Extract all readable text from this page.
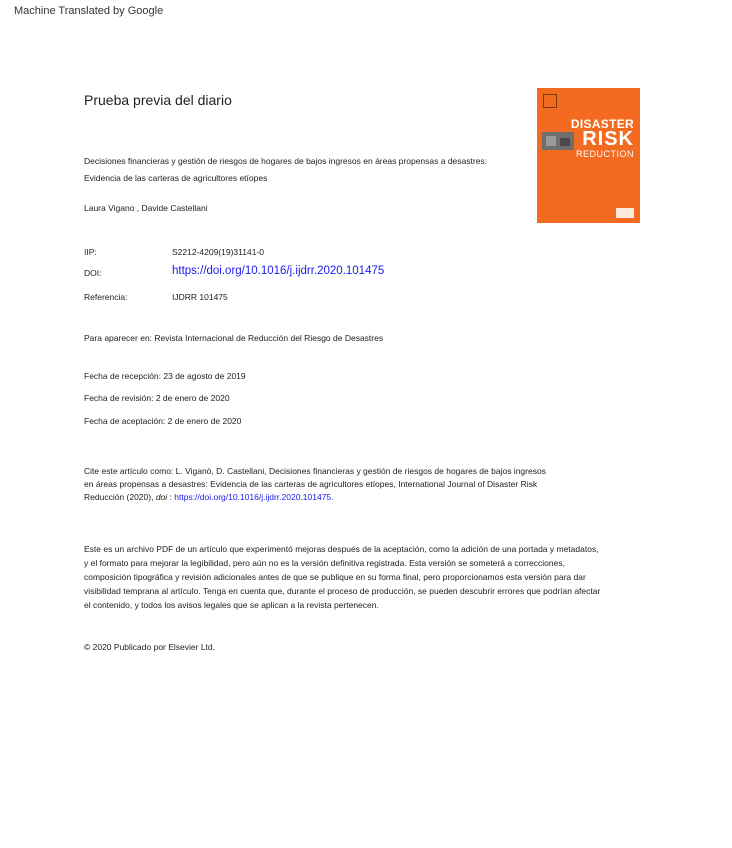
Machine Translated by Google
Prueba previa del diario
DISASTER
RISK
REDUCTION
Decisiones financieras y gestión de riesgos de hogares de bajos ingresos en áreas propensas a desastres:
Evidencia de las carteras de agricultores etíopes
Laura Vigano , Davide Castellani
IIP:	S2212-4209(19)31141-0
DOI:	https://doi.org/10.1016/j.ijdrr.2020.101475
Referencia:	IJDRR 101475
Para aparecer en: Revista Internacional de Reducción del Riesgo de Desastres
Fecha de recepción: 23 de agosto de 2019
Fecha de revisión: 2 de enero de 2020
Fecha de aceptación: 2 de enero de 2020
Cite este artículo como: L. Viganò, D. Castellani, Decisiones financieras y gestión de riesgos de hogares de bajos ingresos
en áreas propensas a desastres: Evidencia de las carteras de agricultores etíopes, International Journal of Disaster Risk
Reducción (2020), doi : https://doi.org/10.1016/j.ijdrr.2020.101475.
Este es un archivo PDF de un artículo que experimentó mejoras después de la aceptación, como la adición de una portada y metadatos,
y el formato para mejorar la legibilidad, pero aún no es la versión definitiva registrada. Esta versión se someterá a correcciones,
composición tipográfica y revisión adicionales antes de que se publique en su forma final, pero proporcionamos esta versión para dar
visibilidad temprana al artículo. Tenga en cuenta que, durante el proceso de producción, se pueden descubrir errores que podrían afectar
el contenido, y todos los avisos legales que se aplican a la revista pertenecen.
© 2020 Publicado por Elsevier Ltd.
